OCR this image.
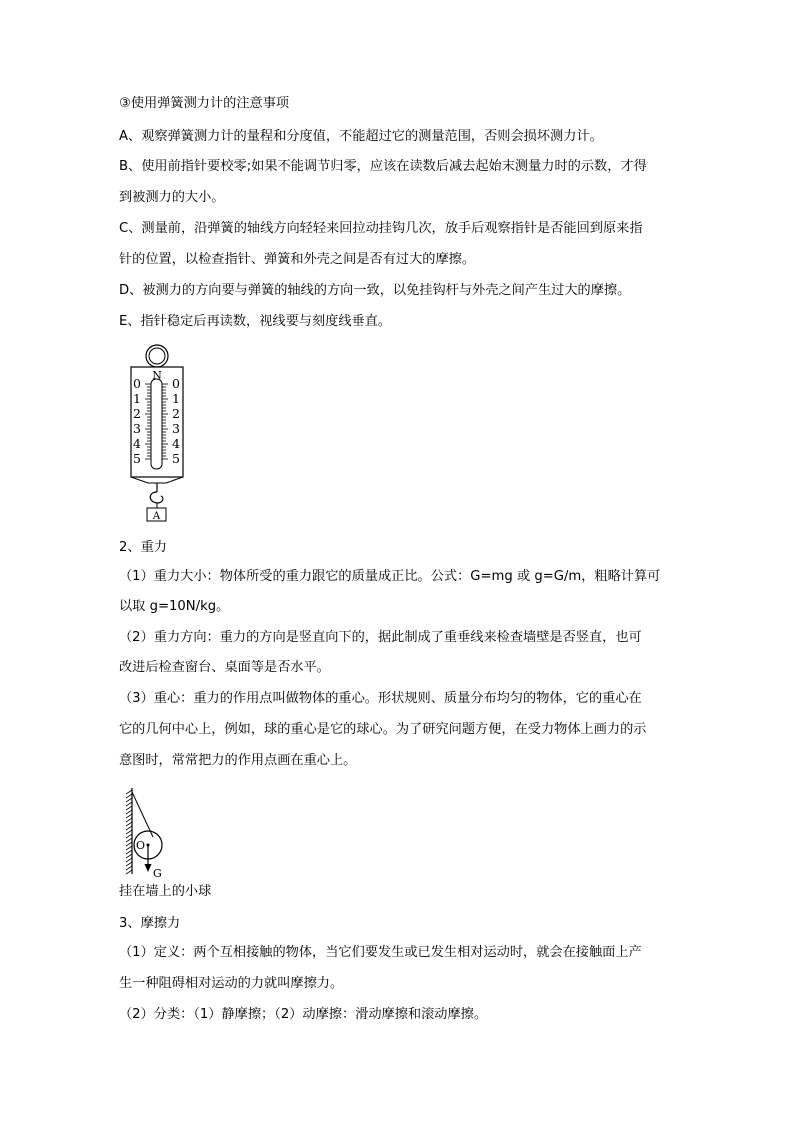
③使用弹簧测力计的注意事项
A、观察弹簧测力计的量程和分度值，不能超过它的测量范围，否则会损坏测力计。
B、使用前指针要校零;如果不能调节归零，应该在读数后减去起始末测量力时的示数，才得
到被测力的大小。
C、测量前，沿弹簧的轴线方向轻轻来回拉动挂钩几次，放手后观察指针是否能回到原来指
针的位置，以检查指针、弹簧和外壳之间是否有过大的摩擦。
D、被测力的方向要与弹簧的轴线的方向一致，以免挂钩杆与外壳之间产生过大的摩擦。
E、指针稳定后再读数，视线要与刻度线垂直。
N
0
1
2
3
4
5
0
1
2
3
4
5
A
2、重力
（1）重力大小：物体所受的重力跟它的质量成正比。公式：G=mg 或 g=G/m，粗略计算可
以取 g=10N/kg。
（2）重力方向：重力的方向是竖直向下的，据此制成了重垂线来检查墙壁是否竖直，也可
改进后检查窗台、桌面等是否水平。
（3）重心：重力的作用点叫做物体的重心。形状规则、质量分布均匀的物体，它的重心在
它的几何中心上，例如，球的重心是它的球心。为了研究问题方便，在受力物体上画力的示
意图时，常常把力的作用点画在重心上。
O
G
挂在墙上的小球
3、摩擦力
（1）定义：两个互相接触的物体，当它们要发生或已发生相对运动时，就会在接触面上产
生一种阻碍相对运动的力就叫摩擦力。
（2）分类：（1）静摩擦；（2）动摩擦：滑动摩擦和滚动摩擦。
